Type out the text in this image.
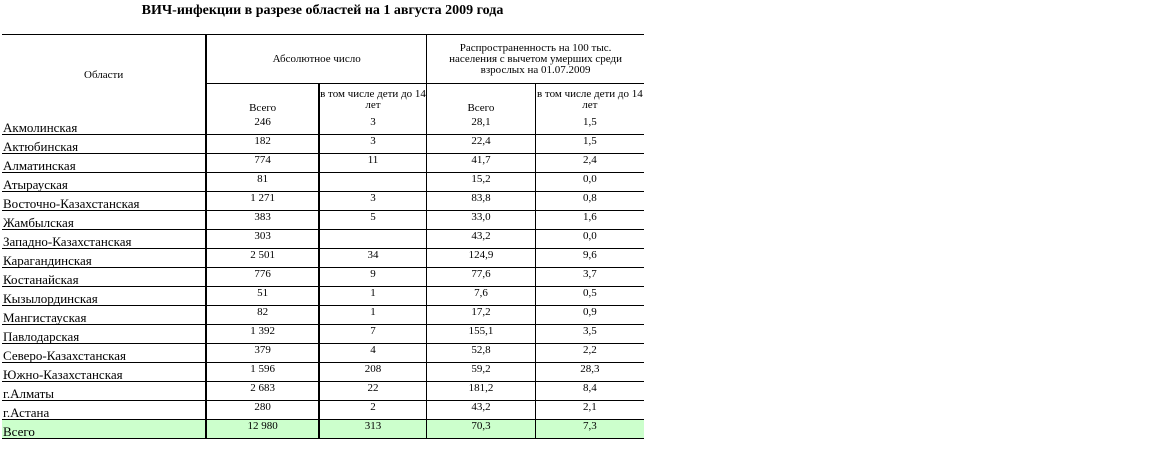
ВИЧ-инфекции в разрезе областей на 1 августа 2009 года
Области	Абсолютное число		Распространенность на 100 тыс. населения с вычетом умерших среди взрослых на 01.07.2009	
	Всего	в том числе дети до 14 лет	Всего	в том числе дети до 14 лет
Акмолинская	246	3	28,1	1,5
Актюбинская	182	3	22,4	1,5
Алматинская	774	11	41,7	2,4
Атырауская	81		15,2	0,0
Восточно-Казахстанская	1 271	3	83,8	0,8
Жамбылская	383	5	33,0	1,6
Западно-Казахстанская	303		43,2	0,0
Карагандинская	2 501	34	124,9	9,6
Костанайская	776	9	77,6	3,7
Кызылординская	51	1	7,6	0,5
Мангистауская	82	1	17,2	0,9
Павлодарская	1 392	7	155,1	3,5
Северо-Казахстанская	379	4	52,8	2,2
Южно-Казахстанская	1 596	208	59,2	28,3
г.Алматы	2 683	22	181,2	8,4
г.Астана	280	2	43,2	2,1
Всего	12 980	313	70,3	7,3
